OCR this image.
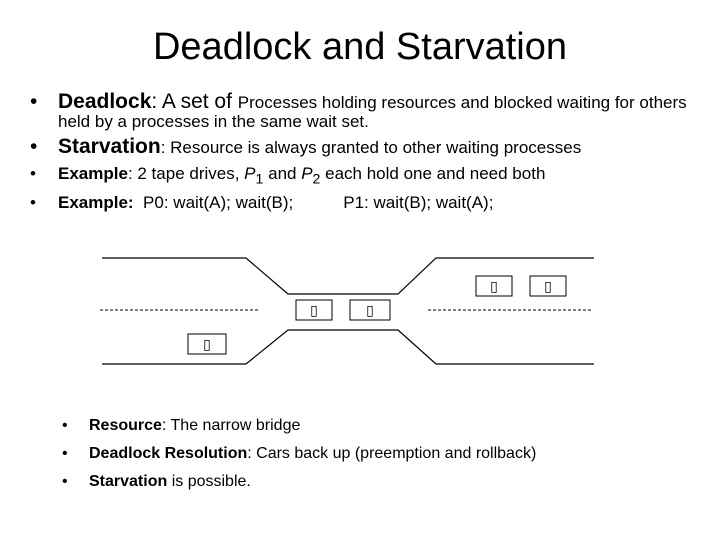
Deadlock and Starvation
• Deadlock: A set of Processes holding resources and blocked waiting for others held by a processes in the same wait set.
• Starvation: Resource is always granted to other waiting processes
• Example: 2 tape drives, $P_1$ and $P_2$ each hold one and need both
• Example: P0: wait(A); wait(B);	P1: wait(B); wait(A);
▯	▯
▯	▯
▯
• Resource: The narrow bridge
• Deadlock Resolution: Cars back up (preemption and rollback)
• Starvation is possible.
